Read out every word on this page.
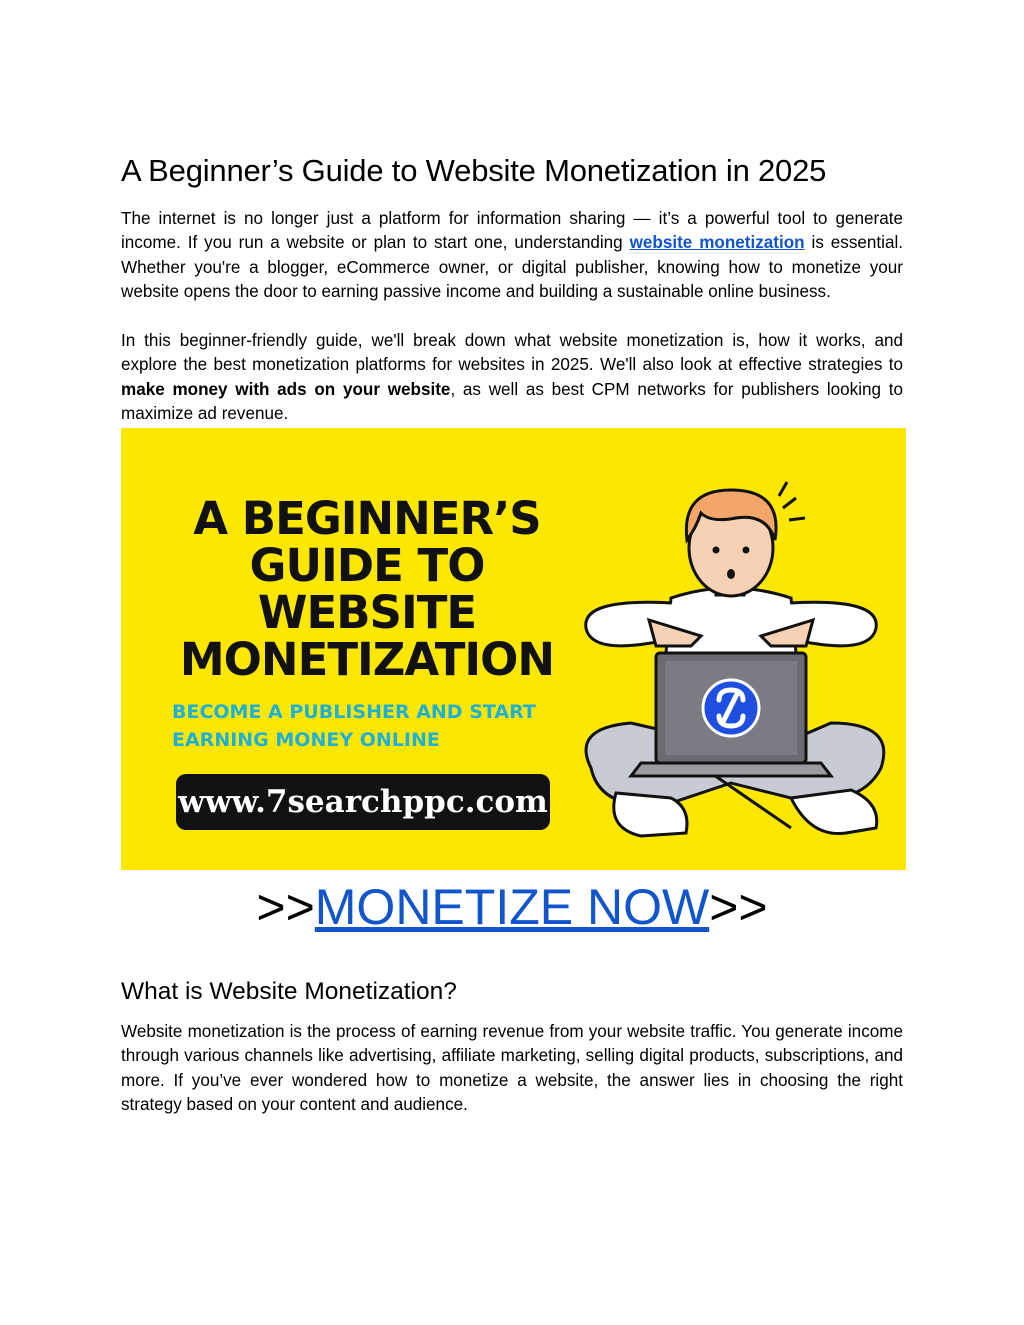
A Beginner’s Guide to Website Monetization in 2025

The internet is no longer just a platform for information sharing — it’s a powerful tool to generate income. If you run a website or plan to start one, understanding website monetization is essential. Whether you're a blogger, eCommerce owner, or digital publisher, knowing how to monetize your website opens the door to earning passive income and building a sustainable online business.

In this beginner-friendly guide, we'll break down what website monetization is, how it works, and explore the best monetization platforms for websites in 2025. We'll also look at effective strategies to make money with ads on your website, as well as best CPM networks for publishers looking to maximize ad revenue.

What is Website Monetization?

Website monetization is the process of earning revenue from your website traffic. You generate income through various channels like advertising, affiliate marketing, selling digital products, subscriptions, and more. If you’ve ever wondered how to monetize a website, the answer lies in choosing the right strategy based on your content and audience.

A BEGINNER’S
GUIDE TO
WEBSITE
MONETIZATION
BECOME A PUBLISHER AND START
EARNING MONEY ONLINE
www.7searchppc.com
>>MONETIZE NOW>>
